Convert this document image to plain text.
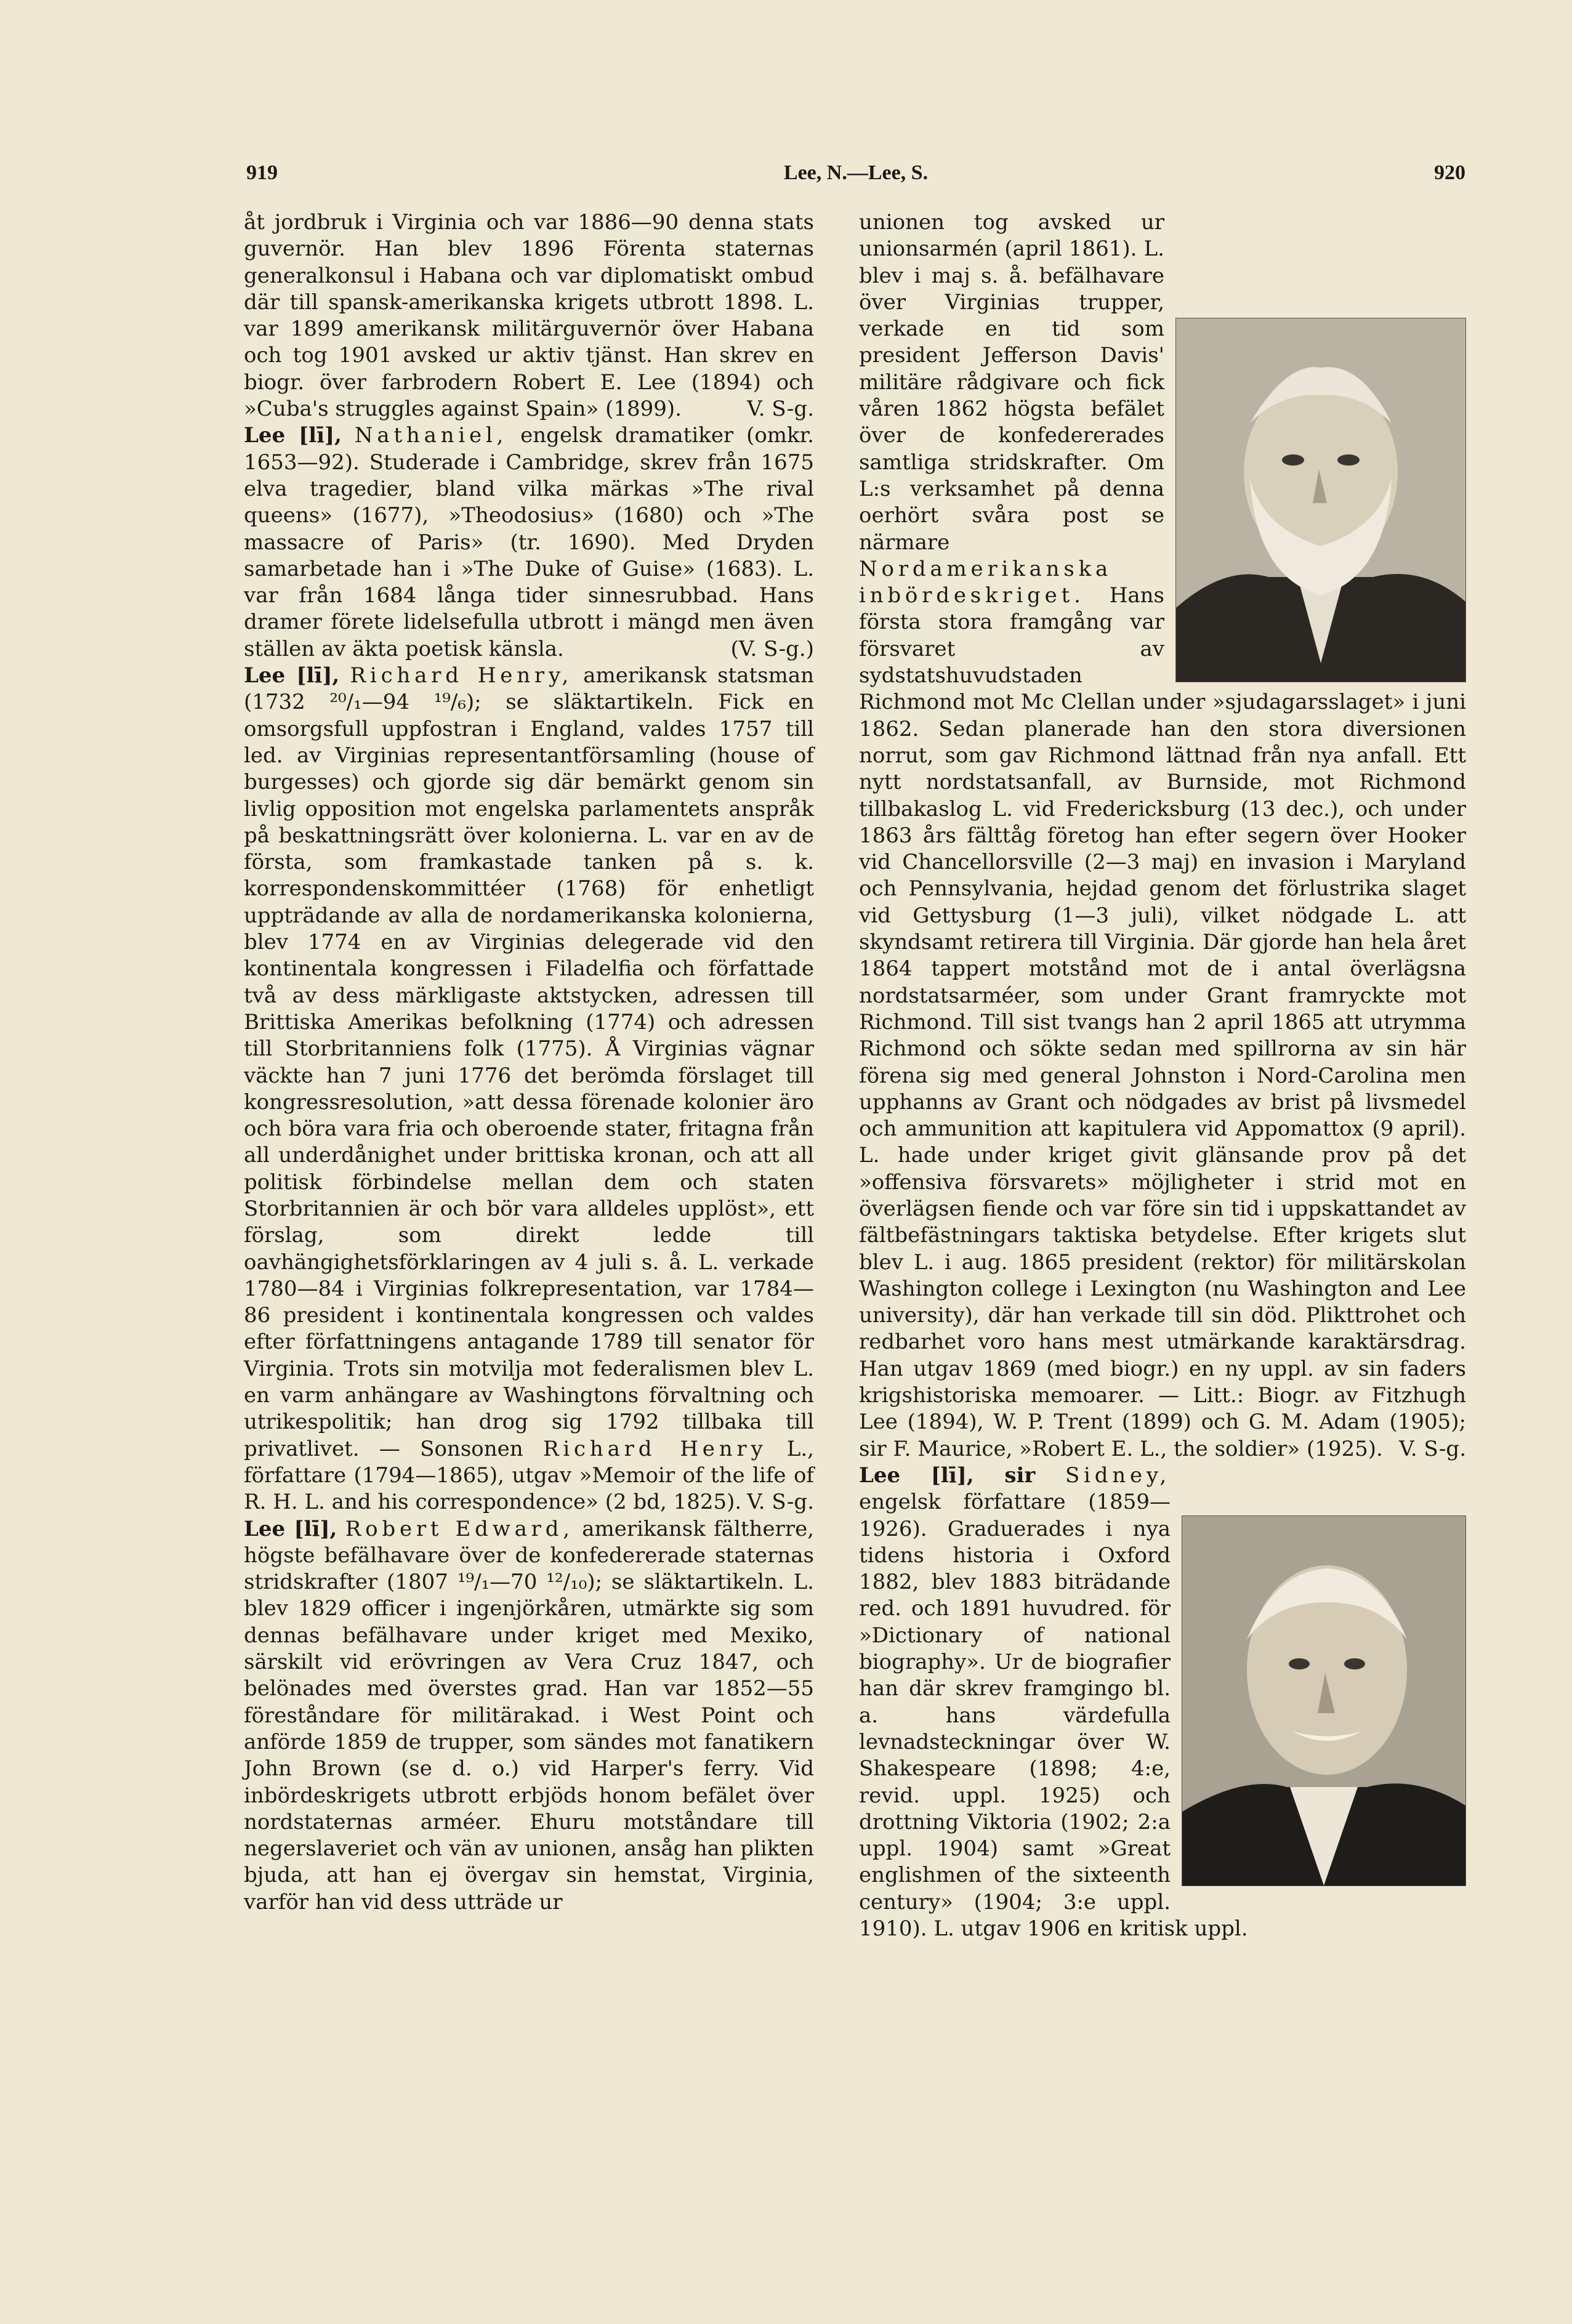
919	Lee, N.—Lee, S.	920

åt jordbruk i Virginia och var 1886—90 denna stats guvernör. Han blev 1896 Förenta staternas generalkonsul i Habana och var diplomatiskt ombud där till spansk-amerikanska krigets utbrott 1898. L. var 1899 amerikansk militärguvernör över Habana och tog 1901 avsked ur aktiv tjänst. Han skrev en biogr. över farbrodern Robert E. Lee (1894) och »Cuba's struggles against Spain» (1899).	V. S-g.

Lee [lī], Nathaniel, engelsk dramatiker (omkr. 1653—92). Studerade i Cambridge, skrev från 1675 elva tragedier, bland vilka märkas »The rival queens» (1677), »Theodosius» (1680) och »The massacre of Paris» (tr. 1690). Med Dryden samarbetade han i »The Duke of Guise» (1683). L. var från 1684 långa tider sinnesrubbad. Hans dramer förete lidelsefulla utbrott i mängd men även ställen av äkta poetisk känsla.	(V. S-g.)

Lee [lī], Richard Henry, amerikansk statsman (1732 ²⁰/₁—94 ¹⁹/₆); se släktartikeln. Fick en omsorgsfull uppfostran i England, valdes 1757 till led. av Virginias representantförsamling (house of burgesses) och gjorde sig där bemärkt genom sin livlig opposition mot engelska parlamentets anspråk på beskattningsrätt över kolonierna. L. var en av de första, som framkastade tanken på s. k. korrespondenskommittéer (1768) för enhetligt uppträdande av alla de nordamerikanska kolonierna, blev 1774 en av Virginias delegerade vid den kontinentala kongressen i Filadelfia och författade två av dess märkligaste aktstycken, adressen till Brittiska Amerikas befolkning (1774) och adressen till Storbritanniens folk (1775). Å Virginias vägnar väckte han 7 juni 1776 det berömda förslaget till kongressresolution, »att dessa förenade kolonier äro och böra vara fria och oberoende stater, fritagna från all underdånighet under brittiska kronan, och att all politisk förbindelse mellan dem och staten Storbritannien är och bör vara alldeles upplöst», ett förslag, som direkt ledde till oavhängighetsförklaringen av 4 juli s. å. L. verkade 1780—84 i Virginias folkrepresentation, var 1784—86 president i kontinentala kongressen och valdes efter författningens antagande 1789 till senator för Virginia. Trots sin motvilja mot federalismen blev L. en varm anhängare av Washingtons förvaltning och utrikespolitik; han drog sig 1792 tillbaka till privatlivet. — Sonsonen Richard Henry L., författare (1794—1865), utgav »Memoir of the life of R. H. L. and his correspondence» (2 bd, 1825). V. S-g.

Lee [lī], Robert Edward, amerikansk fältherre, högste befälhavare över de konfedererade staternas stridskrafter (1807 ¹⁹/₁—70 ¹²/₁₀); se släktartikeln. L. blev 1829 officer i ingenjörkåren, utmärkte sig som dennas befälhavare under kriget med Mexiko, särskilt vid erövringen av Vera Cruz 1847, och belönades med överstes grad. Han var 1852—55 föreståndare för militärakad. i West Point och anförde 1859 de trupper, som sändes mot fanatikern John Brown (se d. o.) vid Harper's ferry. Vid inbördeskrigets utbrott erbjöds honom befälet över nordstaternas arméer. Ehuru motståndare till negerslaveriet och vän av unionen, ansåg han plikten bjuda, att han ej övergav sin hemstat, Virginia, varför han vid dess utträde ur

unionen tog avsked ur unionsarmén (april 1861). L. blev i maj s. å. befälhavare över Virginias trupper, verkade en tid som president Jefferson Davis' militäre rådgivare och fick våren 1862 högsta befälet över de konfedererades samtliga stridskrafter. Om L:s verksamhet på denna oerhört svåra post se närmare Nordamerikanska inbördeskriget. Hans första stora framgång var försvaret av sydstatshuvudstaden Richmond mot Mc Clellan under »sjudagarsslaget» i juni 1862. Sedan planerade han den stora diversionen norrut, som gav Richmond lättnad från nya anfall. Ett nytt nordstatsanfall, av Burnside, mot Richmond tillbakaslog L. vid Fredericksburg (13 dec.), och under 1863 års fälttåg företog han efter segern över Hooker vid Chancellorsville (2—3 maj) en invasion i Maryland och Pennsylvania, hejdad genom det förlustrika slaget vid Gettysburg (1—3 juli), vilket nödgade L. att skyndsamt retirera till Virginia. Där gjorde han hela året 1864 tappert motstånd mot de i antal överlägsna nordstatsarméer, som under Grant framryckte mot Richmond. Till sist tvangs han 2 april 1865 att utrymma Richmond och sökte sedan med spillrorna av sin här förena sig med general Johnston i Nord-Carolina men upphanns av Grant och nödgades av brist på livsmedel och ammunition att kapitulera vid Appomattox (9 april). L. hade under kriget givit glänsande prov på det »offensiva försvarets» möjligheter i strid mot en överlägsen fiende och var före sin tid i uppskattandet av fältbefästningars taktiska betydelse. Efter krigets slut blev L. i aug. 1865 president (rektor) för militärskolan Washington college i Lexington (nu Washington and Lee university), där han verkade till sin död. Plikttrohet och redbarhet voro hans mest utmärkande karaktärsdrag. Han utgav 1869 (med biogr.) en ny uppl. av sin faders krigshistoriska memoarer. — Litt.: Biogr. av Fitzhugh Lee (1894), W. P. Trent (1899) och G. M. Adam (1905); sir F. Maurice, »Robert E. L., the soldier» (1925). V. S-g.

Lee [lī], sir Sidney, engelsk författare (1859—1926). Graduerades i nya tidens historia i Oxford 1882, blev 1883 biträdande red. och 1891 huvudred. för »Dictionary of national biography». Ur de biografier han där skrev framgingo bl. a. hans värdefulla levnadsteckningar över W. Shakespeare (1898; 4:e, revid. uppl. 1925) och drottning Viktoria (1902; 2:a uppl. 1904) samt »Great englishmen of the sixteenth century» (1904; 3:e uppl. 1910). L. utgav 1906 en kritisk uppl.
